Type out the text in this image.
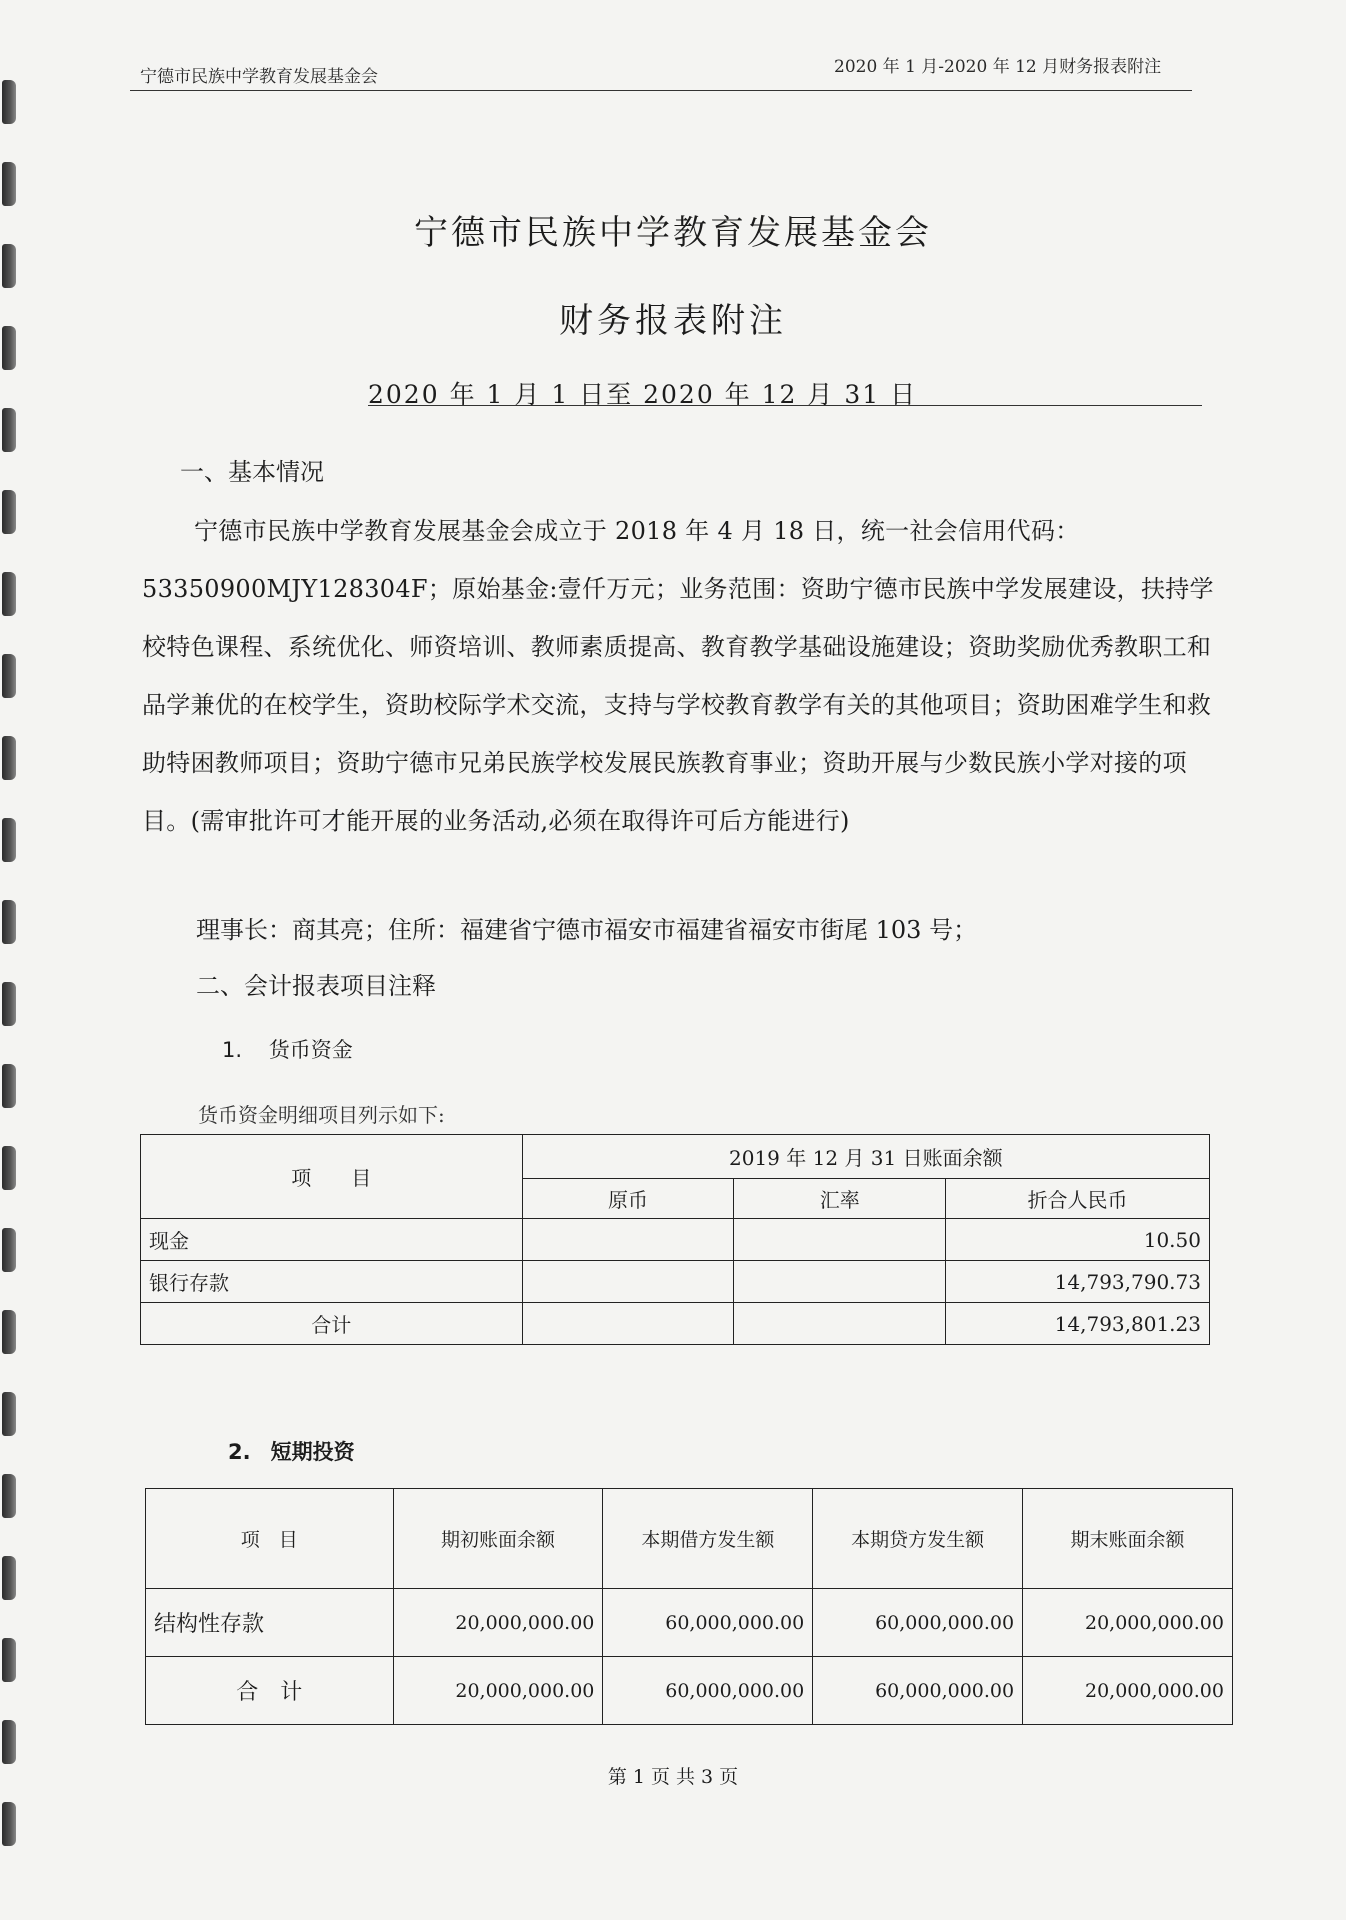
宁德市民族中学教育发展基金会	2020 年 1 月-2020 年 12 月财务报表附注
宁德市民族中学教育发展基金会
财务报表附注
2020 年 1 月 1 日至 2020 年 12 月 31 日
一、基本情况
宁德市民族中学教育发展基金会成立于 2018 年 4 月 18 日，统一社会信用代码：53350900MJY128304F；原始基金:壹仟万元；业务范围：资助宁德市民族中学发展建设，扶持学校特色课程、系统优化、师资培训、教师素质提高、教育教学基础设施建设；资助奖励优秀教职工和品学兼优的在校学生，资助校际学术交流，支持与学校教育教学有关的其他项目；资助困难学生和救助特困教师项目；资助宁德市兄弟民族学校发展民族教育事业；资助开展与少数民族小学对接的项目。(需审批许可才能开展的业务活动,必须在取得许可后方能进行)
理事长：商其亮；住所：福建省宁德市福安市福建省福安市街尾 103 号；
二、会计报表项目注释
1. 货币资金
货币资金明细项目列示如下:
项　　目	2019 年 12 月 31 日账面余额		
	原币	汇率	折合人民币
现金			10.50
银行存款			14,793,790.73
合计			14,793,801.23
2. 短期投资
项　目	期初账面余额	本期借方发生额	本期贷方发生额	期末账面余额
结构性存款	20,000,000.00	60,000,000.00	60,000,000.00	20,000,000.00
合　计	20,000,000.00	60,000,000.00	60,000,000.00	20,000,000.00
第 1 页 共 3 页
